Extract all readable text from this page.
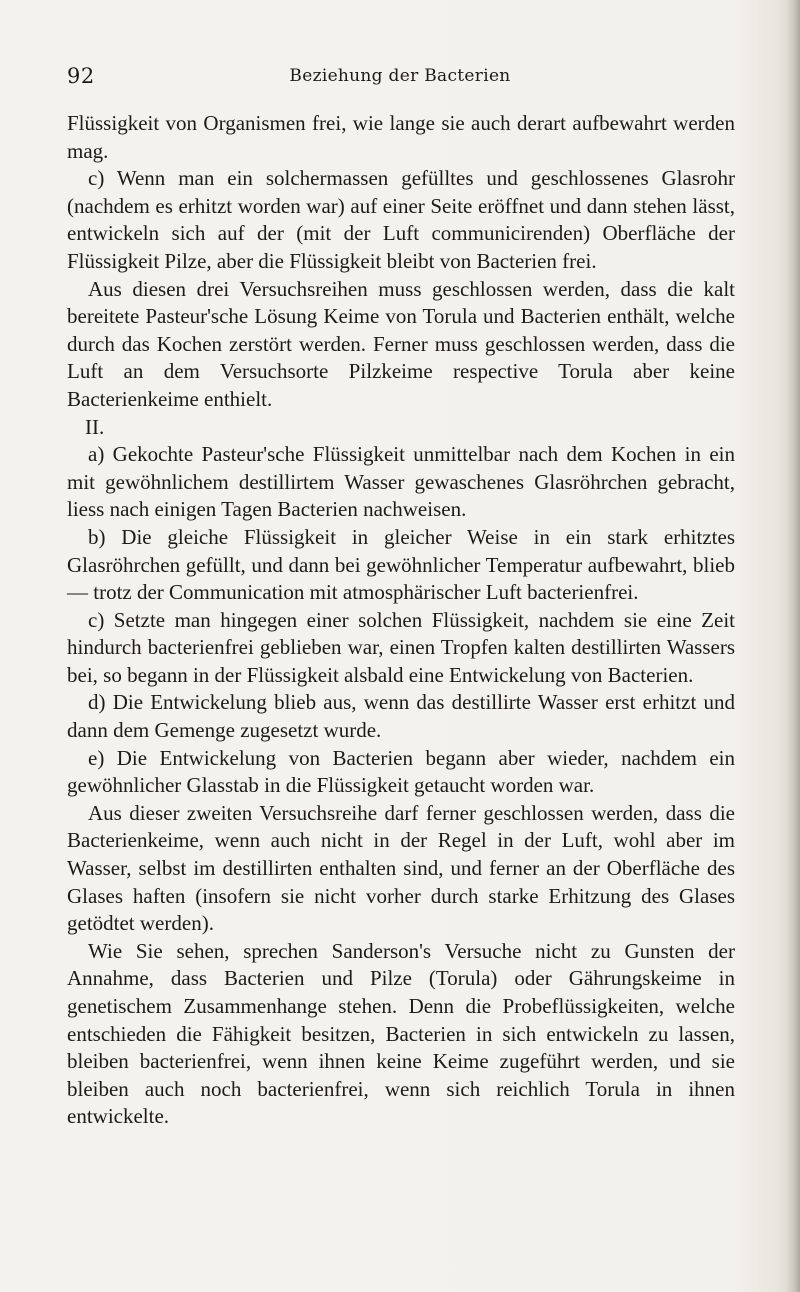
92	Beziehung der Bacterien

Flüssigkeit von Organismen frei, wie lange sie auch derart aufbewahrt werden mag.

c) Wenn man ein solchermassen gefülltes und geschlossenes Glasrohr (nachdem es erhitzt worden war) auf einer Seite eröffnet und dann stehen lässt, entwickeln sich auf der (mit der Luft communicirenden) Oberfläche der Flüssigkeit Pilze, aber die Flüssigkeit bleibt von Bacterien frei.

Aus diesen drei Versuchsreihen muss geschlossen werden, dass die kalt bereitete Pasteur'sche Lösung Keime von Torula und Bacterien enthält, welche durch das Kochen zerstört werden. Ferner muss geschlossen werden, dass die Luft an dem Versuchsorte Pilzkeime respective Torula aber keine Bacterienkeime enthielt.

II.

a) Gekochte Pasteur'sche Flüssigkeit unmittelbar nach dem Kochen in ein mit gewöhnlichem destillirtem Wasser gewaschenes Glasröhrchen gebracht, liess nach einigen Tagen Bacterien nachweisen.

b) Die gleiche Flüssigkeit in gleicher Weise in ein stark erhitztes Glasröhrchen gefüllt, und dann bei gewöhnlicher Temperatur aufbewahrt, blieb — trotz der Communication mit atmosphärischer Luft bacterienfrei.

c) Setzte man hingegen einer solchen Flüssigkeit, nachdem sie eine Zeit hindurch bacterienfrei geblieben war, einen Tropfen kalten destillirten Wassers bei, so begann in der Flüssigkeit alsbald eine Entwickelung von Bacterien.

d) Die Entwickelung blieb aus, wenn das destillirte Wasser erst erhitzt und dann dem Gemenge zugesetzt wurde.

e) Die Entwickelung von Bacterien begann aber wieder, nachdem ein gewöhnlicher Glasstab in die Flüssigkeit getaucht worden war.

Aus dieser zweiten Versuchsreihe darf ferner geschlossen werden, dass die Bacterienkeime, wenn auch nicht in der Regel in der Luft, wohl aber im Wasser, selbst im destillirten enthalten sind, und ferner an der Oberfläche des Glases haften (insofern sie nicht vorher durch starke Erhitzung des Glases getödtet werden).

Wie Sie sehen, sprechen Sanderson's Versuche nicht zu Gunsten der Annahme, dass Bacterien und Pilze (Torula) oder Gährungskeime in genetischem Zusammenhange stehen. Denn die Probeflüssigkeiten, welche entschieden die Fähigkeit besitzen, Bacterien in sich entwickeln zu lassen, bleiben bacterienfrei, wenn ihnen keine Keime zugeführt werden, und sie bleiben auch noch bacterienfrei, wenn sich reichlich Torula in ihnen entwickelte.
